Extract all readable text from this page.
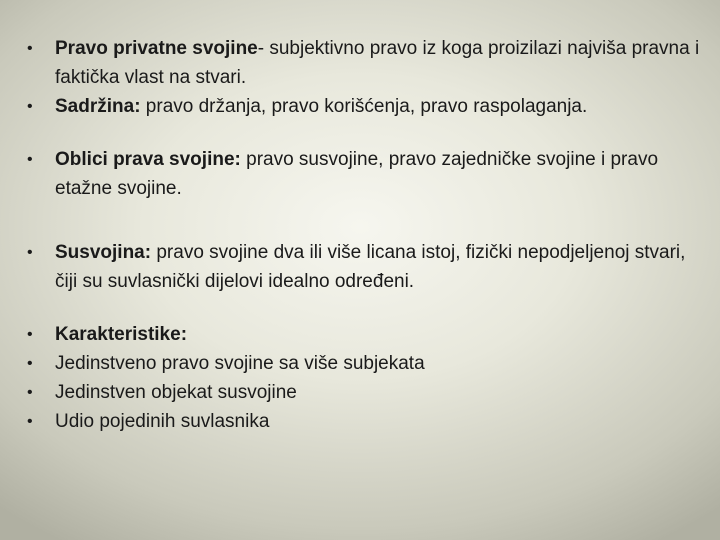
• Pravo privatne svojine- subjektivno pravo iz koga proizilazi najviša pravna i faktička vlast na stvari.
• Sadržina: pravo držanja, pravo korišćenja, pravo raspolaganja.
• Oblici prava svojine: pravo susvojine, pravo zajedničke svojine i pravo etažne svojine.
• Susvojina: pravo svojine dva ili više licana istoj, fizički nepodjeljenoj stvari, čiji su suvlasnički dijelovi idealno određeni.
• Karakteristike:
• Jedinstveno pravo svojine sa više subjekata
• Jedinstven objekat susvojine
• Udio pojedinih suvlasnika
